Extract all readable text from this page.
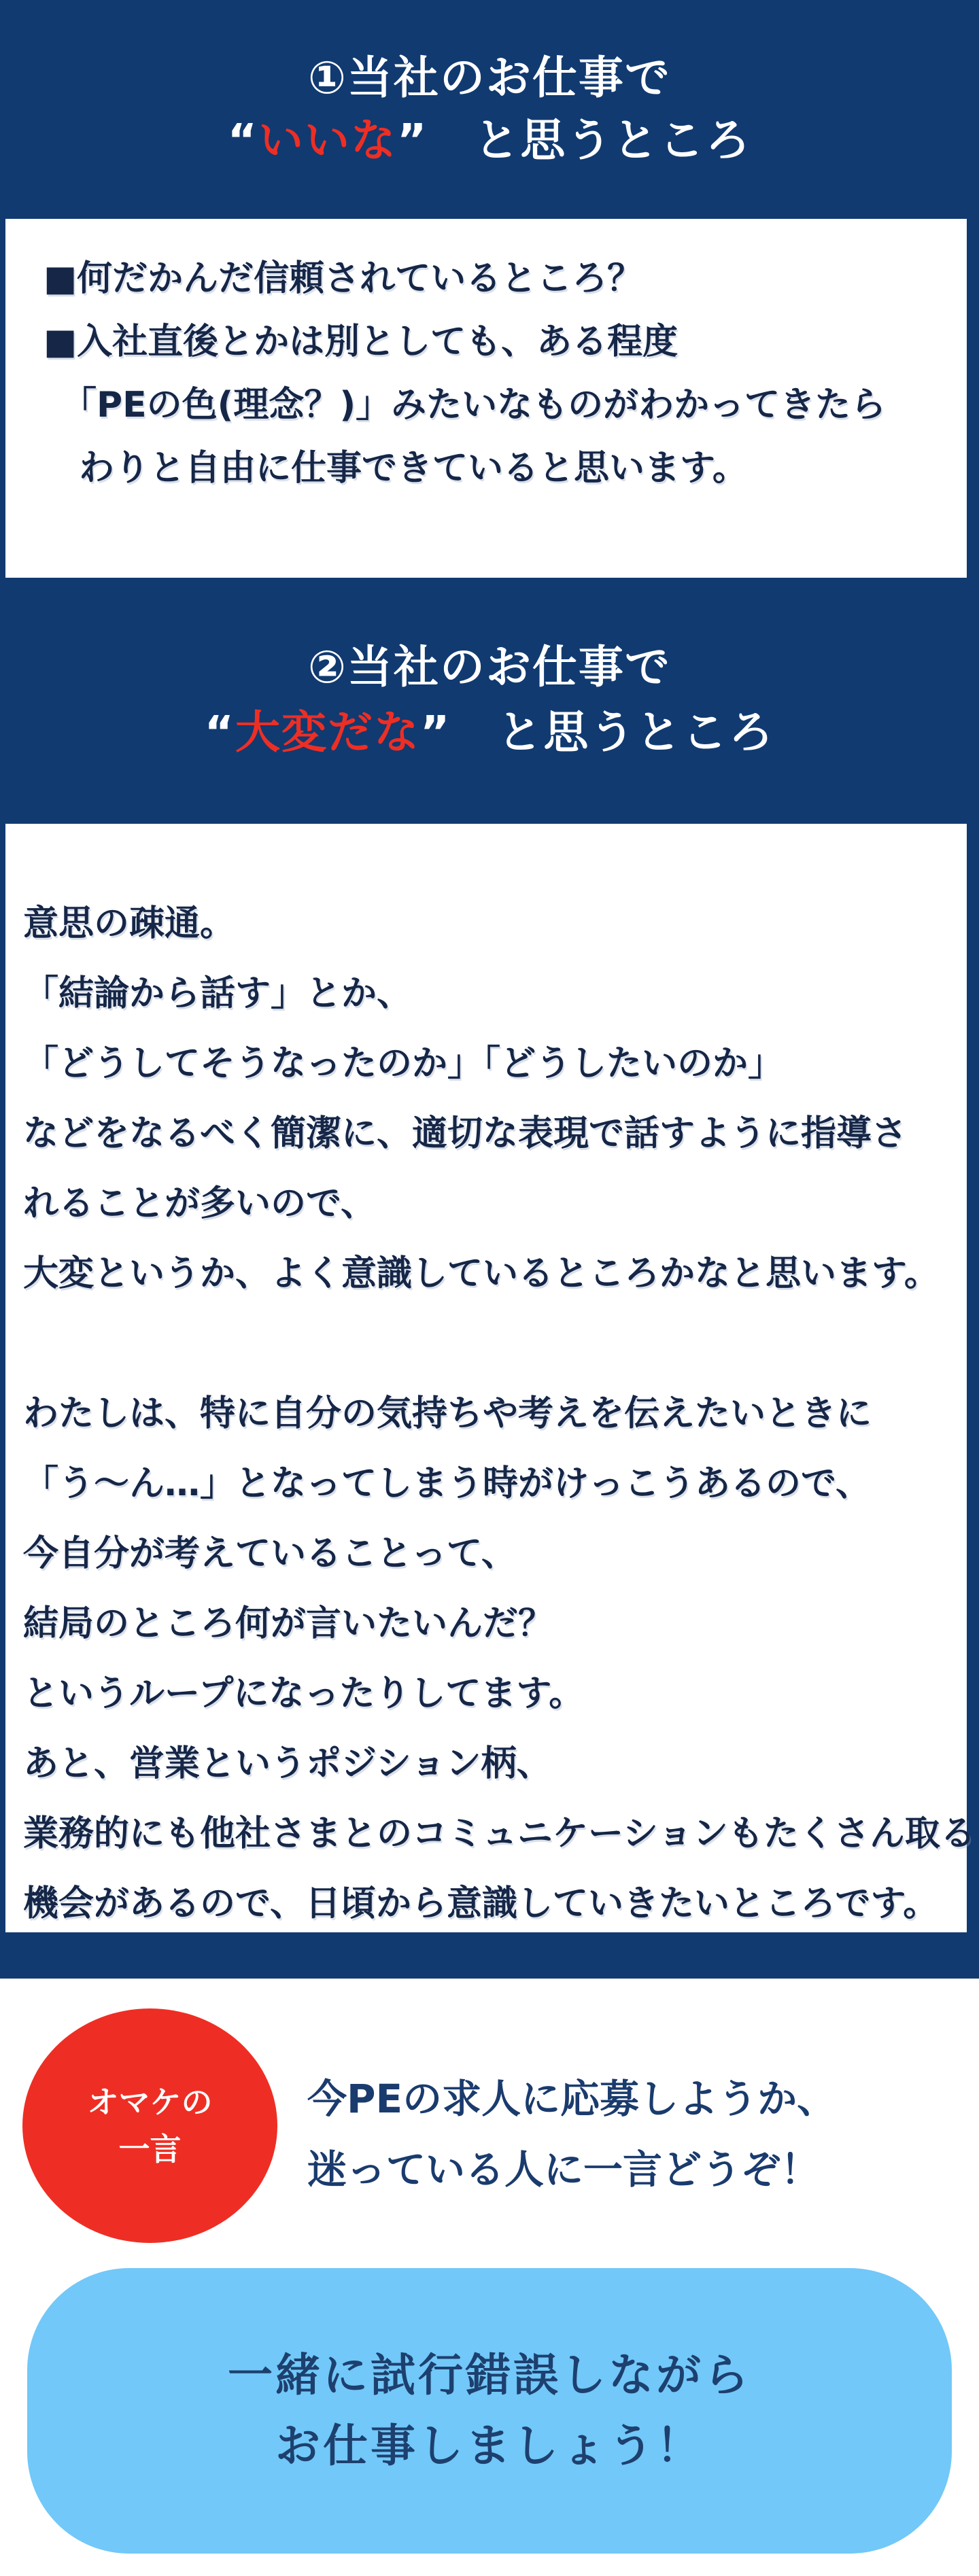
①当社のお仕事で
“いいな”　と思うところ
■何だかんだ信頼されているところ？
■入社直後とかは別としても、ある程度
　「PEの色(理念？)」みたいなものがわかってきたら
　わりと自由に仕事できていると思います。
②当社のお仕事で
“大変だな”　と思うところ
意思の疎通。
「結論から話す」とか、
「どうしてそうなったのか」「どうしたいのか」
などをなるべく簡潔に、適切な表現で話すように指導さ
れることが多いので、
大変というか、よく意識しているところかなと思います。
わたしは、特に自分の気持ちや考えを伝えたいときに
「う〜ん…」となってしまう時がけっこうあるので、
今自分が考えていることって、
結局のところ何が言いたいんだ？
というループになったりしてます。
あと、営業というポジション柄、
業務的にも他社さまとのコミュニケーションもたくさん取る
機会があるので、日頃から意識していきたいところです。
オマケの
一言
今PEの求人に応募しようか、
迷っている人に一言どうぞ！
一緒に試行錯誤しながら
お仕事しましょう！
